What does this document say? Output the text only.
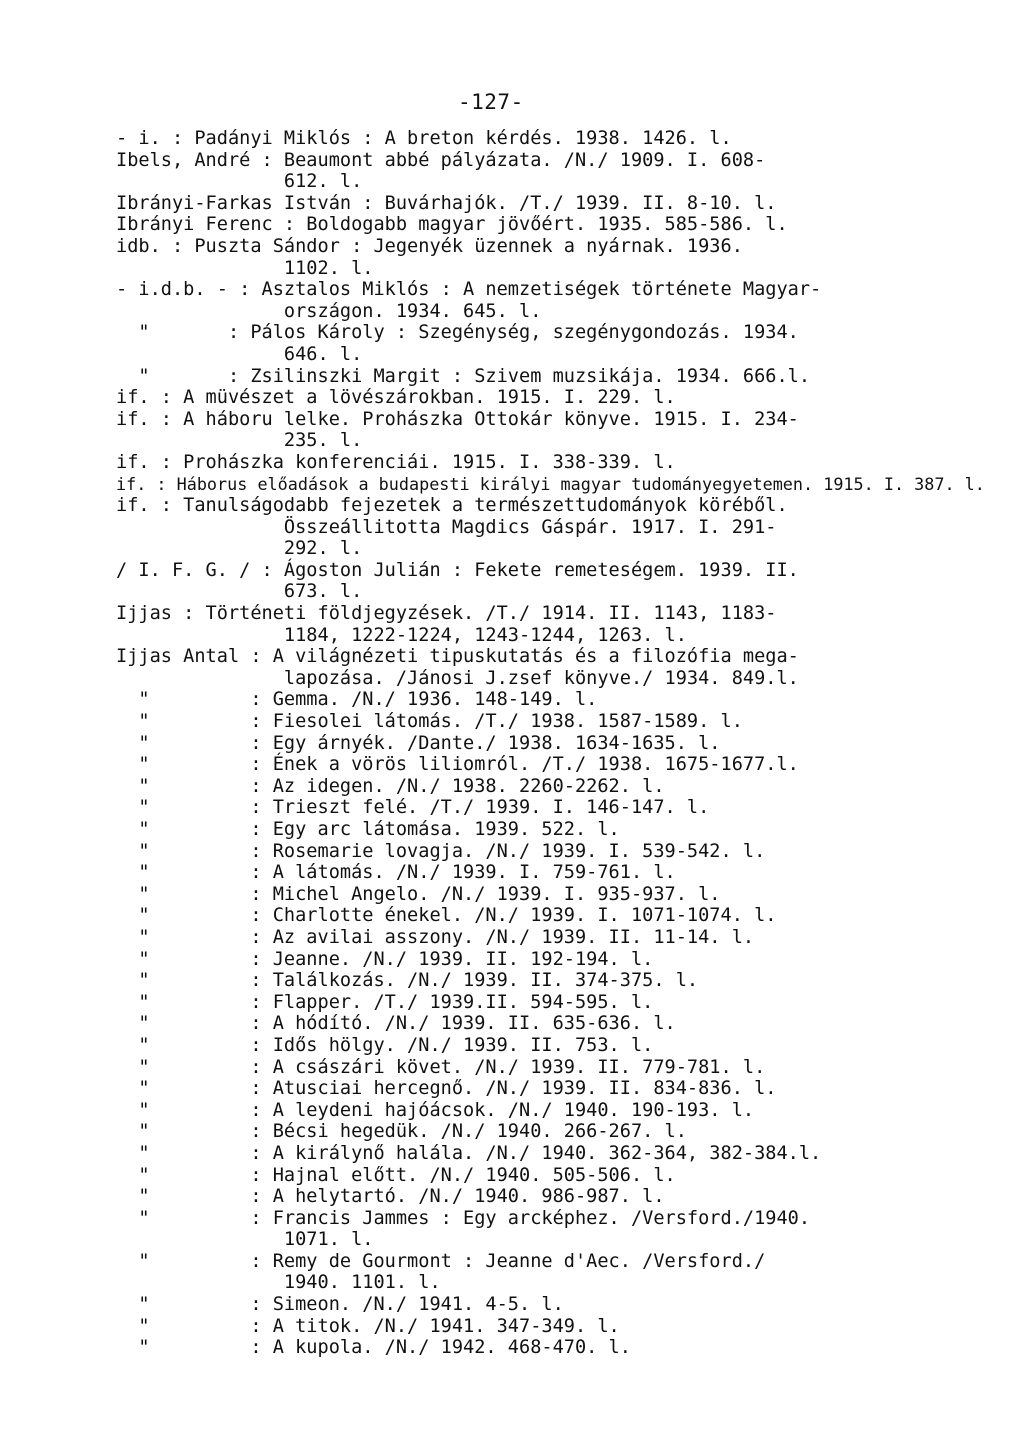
-127-
- i. : Padányi Miklós : A breton kérdés. 1938. 1426. l.
Ibels, André : Beaumont abbé pályázata. /N./ 1909. I. 608-
612. l.
Ibrányi-Farkas István : Buvárhajók. /T./ 1939. II. 8-10. l.
Ibrányi Ferenc : Boldogabb magyar jövőért. 1935. 585-586. l.
idb. : Puszta Sándor : Jegenyék üzennek a nyárnak. 1936.
1102. l.
- i.d.b. - : Asztalos Miklós : A nemzetiségek története Magyar-
országon. 1934. 645. l.
"       : Pálos Károly : Szegénység, szegénygondozás. 1934.
646. l.
"       : Zsilinszki Margit : Szivem muzsikája. 1934. 666.l.
if. : A müvészet a lövészárokban. 1915. I. 229. l.
if. : A háboru lelke. Prohászka Ottokár könyve. 1915. I. 234-
235. l.
if. : Prohászka konferenciái. 1915. I. 338-339. l.
if. : Háborus előadások a budapesti királyi magyar tudományegyetemen. 1915. I. 387. l.
if. : Tanulságodabb fejezetek a természettudományok köréből.
Összeállitotta Magdics Gáspár. 1917. I. 291-
292. l.
/ I. F. G. / : Ágoston Julián : Fekete remeteségem. 1939. II.
673. l.
Ijjas : Történeti földjegyzések. /T./ 1914. II. 1143, 1183-
1184, 1222-1224, 1243-1244, 1263. l.
Ijjas Antal : A világnézeti tipuskutatás és a filozófia mega-
lapozása. /Jánosi J.zsef könyve./ 1934. 849.l.
"         : Gemma. /N./ 1936. 148-149. l.
"         : Fiesolei látomás. /T./ 1938. 1587-1589. l.
"         : Egy árnyék. /Dante./ 1938. 1634-1635. l.
"         : Ének a vörös liliomról. /T./ 1938. 1675-1677.l.
"         : Az idegen. /N./ 1938. 2260-2262. l.
"         : Trieszt felé. /T./ 1939. I. 146-147. l.
"         : Egy arc látomása. 1939. 522. l.
"         : Rosemarie lovagja. /N./ 1939. I. 539-542. l.
"         : A látomás. /N./ 1939. I. 759-761. l.
"         : Michel Angelo. /N./ 1939. I. 935-937. l.
"         : Charlotte énekel. /N./ 1939. I. 1071-1074. l.
"         : Az avilai asszony. /N./ 1939. II. 11-14. l.
"         : Jeanne. /N./ 1939. II. 192-194. l.
"         : Találkozás. /N./ 1939. II. 374-375. l.
"         : Flapper. /T./ 1939.II. 594-595. l.
"         : A hódító. /N./ 1939. II. 635-636. l.
"         : Idős hölgy. /N./ 1939. II. 753. l.
"         : A császári követ. /N./ 1939. II. 779-781. l.
"         : Atusciai hercegnő. /N./ 1939. II. 834-836. l.
"         : A leydeni hajóácsok. /N./ 1940. 190-193. l.
"         : Bécsi hegedük. /N./ 1940. 266-267. l.
"         : A királynő halála. /N./ 1940. 362-364, 382-384.l.
"         : Hajnal előtt. /N./ 1940. 505-506. l.
"         : A helytartó. /N./ 1940. 986-987. l.
"         : Francis Jammes : Egy arcképhez. /Versford./1940.
1071. l.
"         : Remy de Gourmont : Jeanne d'Aec. /Versford./
1940. 1101. l.
"         : Simeon. /N./ 1941. 4-5. l.
"         : A titok. /N./ 1941. 347-349. l.
"         : A kupola. /N./ 1942. 468-470. l.
